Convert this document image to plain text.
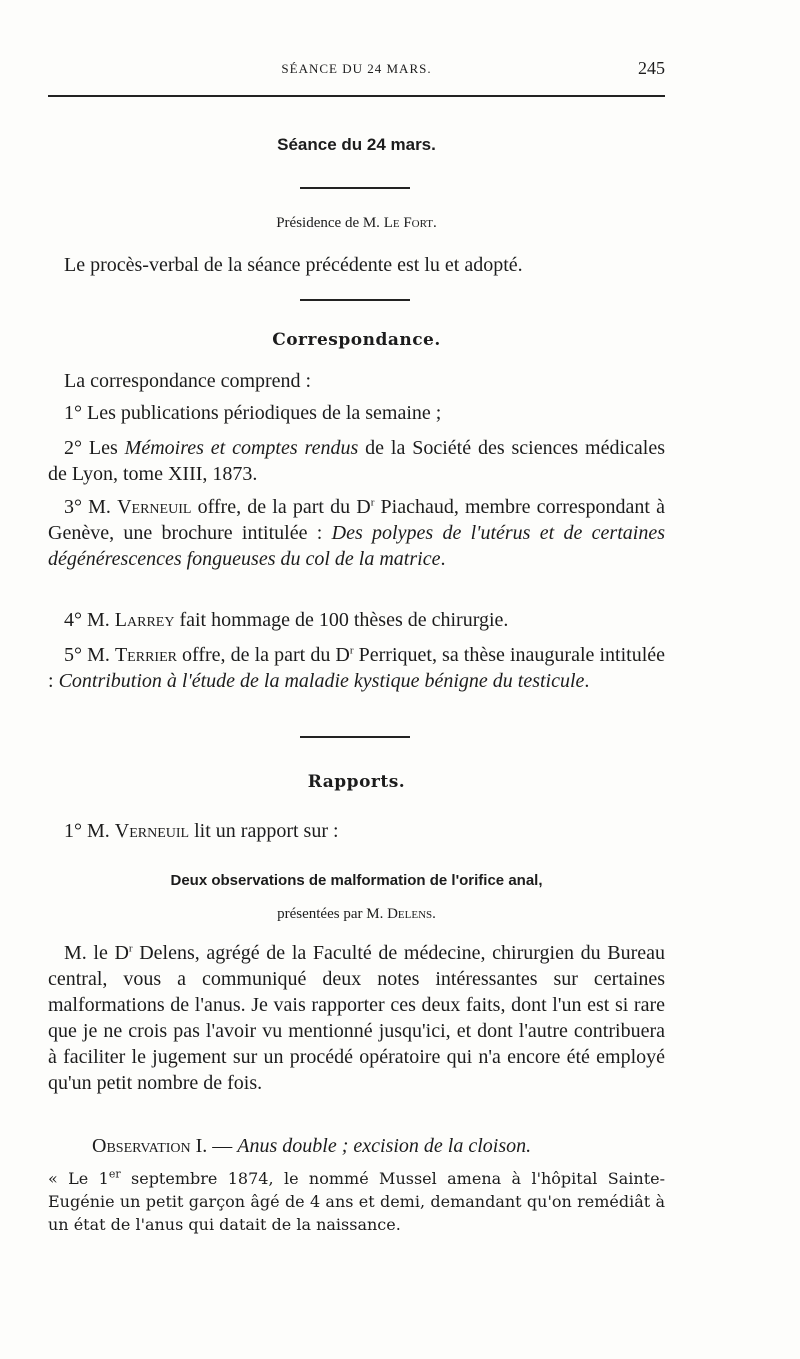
SÉANCE DU 24 MARS.	245
Séance du 24 mars.
Présidence de M. Le Fort.
Le procès-verbal de la séance précédente est lu et adopté.
Correspondance.
La correspondance comprend :
1° Les publications périodiques de la semaine ;
2° Les Mémoires et comptes rendus de la Société des sciences médicales de Lyon, tome XIII, 1873.
3° M. Verneuil offre, de la part du $D^r$ Piachaud, membre correspondant à Genève, une brochure intitulée : Des polypes de l'utérus et de certaines dégénérescences fongueuses du col de la matrice.
4° M. Larrey fait hommage de 100 thèses de chirurgie.
5° M. Terrier offre, de la part du $D^r$ Perriquet, sa thèse inaugurale intitulée : Contribution à l'étude de la maladie kystique bénigne du testicule.
Rapports.
1° M. Verneuil lit un rapport sur :
Deux observations de malformation de l'orifice anal,
présentées par M. Delens.
M. le $D^r$ Delens, agrégé de la Faculté de médecine, chirurgien du Bureau central, vous a communiqué deux notes intéressantes sur certaines malformations de l'anus. Je vais rapporter ces deux faits, dont l'un est si rare que je ne crois pas l'avoir vu mentionné jusqu'ici, et dont l'autre contribuera à faciliter le jugement sur un procédé opératoire qui n'a encore été employé qu'un petit nombre de fois.
Observation I. — Anus double ; excision de la cloison.
« Le 1er septembre 1874, le nommé Mussel amena à l'hôpital Sainte-Eugénie un petit garçon âgé de 4 ans et demi, demandant qu'on remédiât à un état de l'anus qui datait de la naissance.
